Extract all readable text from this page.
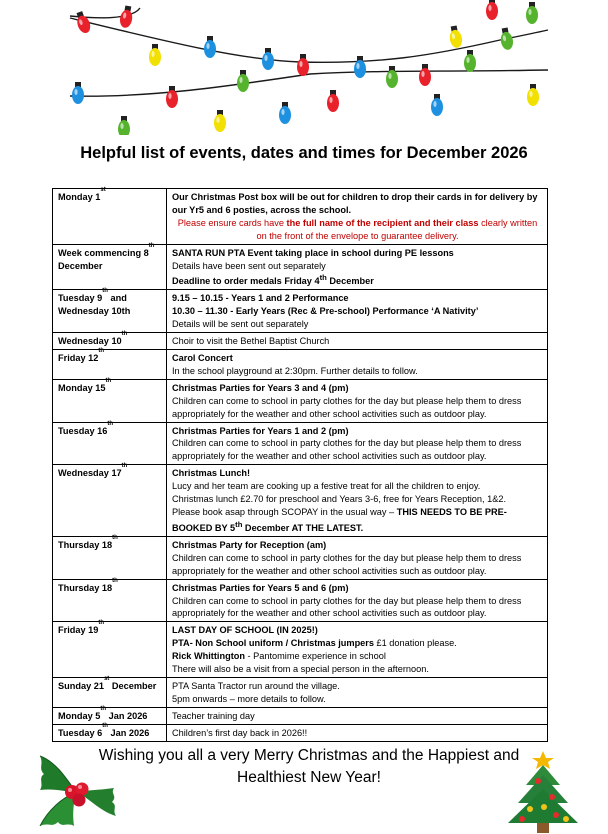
Helpful list of events, dates and times for December 2026
Monday 1st	Our Christmas Post box will be out for children to drop their cards in for delivery by our Yr5 and 6 posties, across the school.
Please ensure cards have the full name of the recipient and their class clearly written on the front of the envelope to guarantee delivery.

Week commencing 8th December	SANTA RUN PTA Event taking place in school during PE lessons
Details have been sent out separately
Deadline to order medals Friday 4th December

Tuesday 9th and Wednesday 10th	9.15 – 10.15 - Years 1 and 2 Performance
10.30 – 11.30 - Early Years (Rec & Pre-school) Performance ‘A Nativity’
Details will be sent out separately

Wednesday 10th	Choir to visit the Bethel Baptist Church

Friday 12th	Carol Concert
In the school playground at 2:30pm. Further details to follow.

Monday 15th	Christmas Parties for Years 3 and 4 (pm)
Children can come to school in party clothes for the day but please help them to dress appropriately for the weather and other school activities such as outdoor play.

Tuesday 16th	Christmas Parties for Years 1 and 2 (pm)
Children can come to school in party clothes for the day but please help them to dress appropriately for the weather and other school activities such as outdoor play.

Wednesday 17th	Christmas Lunch!
Lucy and her team are cooking up a festive treat for all the children to enjoy.
Christmas lunch £2.70 for preschool and Years 3-6, free for Years Reception, 1&2.
Please book asap through SCOPAY in the usual way – THIS NEEDS TO BE PRE-BOOKED BY 5th December AT THE LATEST.

Thursday 18th	Christmas Party for Reception (am)
Children can come to school in party clothes for the day but please help them to dress appropriately for the weather and other school activities such as outdoor play.

Thursday 18th	Christmas Parties for Years 5 and 6 (pm)
Children can come to school in party clothes for the day but please help them to dress appropriately for the weather and other school activities such as outdoor play.

Friday 19th	LAST DAY OF SCHOOL (IN 2025!)
PTA- Non School uniform / Christmas jumpers £1 donation please.
Rick Whittington - Pantomime experience in school
There will also be a visit from a special person in the afternoon.

Sunday 21st December	PTA Santa Tractor run around the village.
5pm onwards – more details to follow.

Monday 5th Jan 2026	Teacher training day

Tuesday 6th Jan 2026	Children’s first day back in 2026!!
Wishing you all a very Merry Christmas and the Happiest and Healthiest New Year!
